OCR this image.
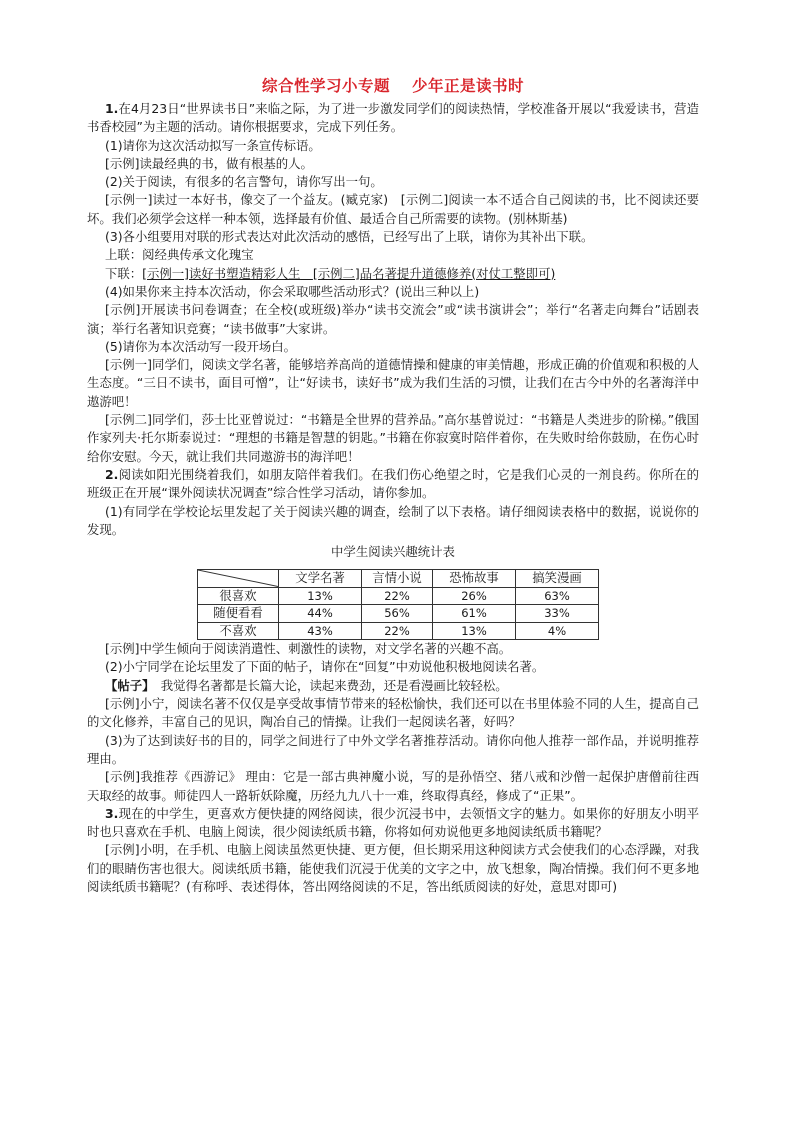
综合性学习小专题 少年正是读书时

1.在4月23日“世界读书日”来临之际，为了进一步激发同学们的阅读热情，学校准备开展以“我爱读书，营造书香校园”为主题的活动。请你根据要求，完成下列任务。

(1)请你为这次活动拟写一条宣传标语。

[示例]读最经典的书，做有根基的人。

(2)关于阅读，有很多的名言警句，请你写出一句。

[示例一]读过一本好书，像交了一个益友。(臧克家)　[示例二]阅读一本不适合自己阅读的书，比不阅读还要坏。我们必须学会这样一种本领，选择最有价值、最适合自己所需要的读物。(别林斯基)

(3)各小组要用对联的形式表达对此次活动的感悟，已经写出了上联，请你为其补出下联。

上联：阅经典传承文化瑰宝

下联：[示例一]读好书塑造精彩人生　 [示例二]品名著提升道德修养(对仗工整即可)

(4)如果你来主持本次活动，你会采取哪些活动形式？(说出三种以上)

[示例]开展读书问卷调查；在全校(或班级)举办“读书交流会”或“读书演讲会”；举行“名著走向舞台”话剧表演；举行名著知识竞赛；“读书做事”大家讲。

(5)请你为本次活动写一段开场白。

[示例一]同学们，阅读文学名著，能够培养高尚的道德情操和健康的审美情趣，形成正确的价值观和积极的人生态度。“三日不读书，面目可憎”，让“好读书，读好书”成为我们生活的习惯，让我们在古今中外的名著海洋中遨游吧！

[示例二]同学们，莎士比亚曾说过：“书籍是全世界的营养品。”高尔基曾说过：“书籍是人类进步的阶梯。”俄国作家列夫·托尔斯泰说过：“理想的书籍是智慧的钥匙。”书籍在你寂寞时陪伴着你，在失败时给你鼓励，在伤心时给你安慰。今天，就让我们共同遨游书的海洋吧！

2.阅读如阳光围绕着我们，如朋友陪伴着我们。在我们伤心绝望之时，它是我们心灵的一剂良药。你所在的班级正在开展“课外阅读状况调查”综合性学习活动，请你参加。

(1)有同学在学校论坛里发起了关于阅读兴趣的调查，绘制了以下表格。请仔细阅读表格中的数据，说说你的发现。

中学生阅读兴趣统计表
	文学名著	言情小说	恐怖故事	搞笑漫画
很喜欢	13%	22%	26%	63%
随便看看	44%	56%	61%	33%
不喜欢	43%	22%	13%	4%

[示例]中学生倾向于阅读消遣性、刺激性的读物，对文学名著的兴趣不高。

(2)小宁同学在论坛里发了下面的帖子，请你在“回复”中劝说他积极地阅读名著。

【帖子】　 我觉得名著都是长篇大论，读起来费劲，还是看漫画比较轻松。

[示例]小宁，阅读名著不仅仅是享受故事情节带来的轻松愉快，我们还可以在书里体验不同的人生，提高自己的文化修养，丰富自己的见识，陶冶自己的情操。让我们一起阅读名著，好吗？

(3)为了达到读好书的目的，同学之间进行了中外文学名著推荐活动。请你向他人推荐一部作品，并说明推荐理由。

[示例]我推荐《西游记》 理由：它是一部古典神魔小说，写的是孙悟空、猪八戒和沙僧一起保护唐僧前往西天取经的故事。师徒四人一路斩妖除魔，历经九九八十一难，终取得真经，修成了“正果”。

3.现在的中学生，更喜欢方便快捷的网络阅读，很少沉浸书中，去领悟文字的魅力。如果你的好朋友小明平时也只喜欢在手机、电脑上阅读，很少阅读纸质书籍，你将如何劝说他更多地阅读纸质书籍呢？

[示例]小明，在手机、电脑上阅读虽然更快捷、更方便，但长期采用这种阅读方式会使我们的心态浮躁，对我们的眼睛伤害也很大。阅读纸质书籍，能使我们沉浸于优美的文字之中，放飞想象，陶冶情操。我们何不更多地阅读纸质书籍呢？(有称呼、表述得体，答出网络阅读的不足，答出纸质阅读的好处，意思对即可)
